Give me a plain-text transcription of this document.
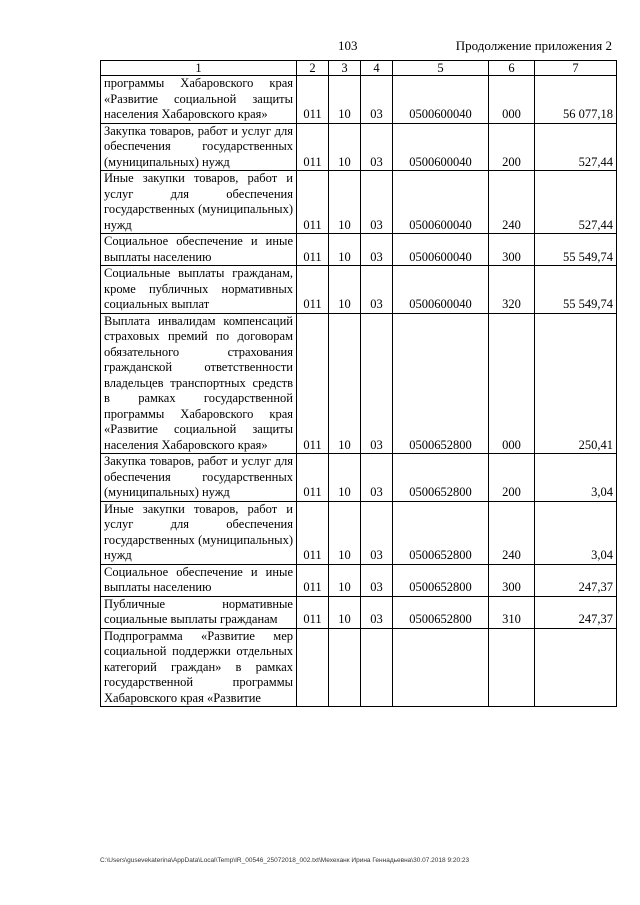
103	Продолжение приложения 2
1	2	3	4	5	6	7
программы Хабаровского края «Развитие социальной защиты населения Хабаровского края»	011	10	03	0500600040	000	56 077,18
Закупка товаров, работ и услуг для обеспечения государственных (муниципальных) нужд	011	10	03	0500600040	200	527,44
Иные закупки товаров, работ и услуг для обеспечения государственных (муниципальных) нужд	011	10	03	0500600040	240	527,44
Социальное обеспечение и иные выплаты населению	011	10	03	0500600040	300	55 549,74
Социальные выплаты гражданам, кроме публичных нормативных социальных выплат	011	10	03	0500600040	320	55 549,74
Выплата инвалидам компенсаций страховых премий по договорам обязательного страхования гражданской ответственности владельцев транспортных средств в рамках государственной программы Хабаровского края «Развитие социальной защиты населения Хабаровского края»	011	10	03	0500652800	000	250,41
Закупка товаров, работ и услуг для обеспечения государственных (муниципальных) нужд	011	10	03	0500652800	200	3,04
Иные закупки товаров, работ и услуг для обеспечения государственных (муниципальных) нужд	011	10	03	0500652800	240	3,04
Социальное обеспечение и иные выплаты населению	011	10	03	0500652800	300	247,37
Публичные нормативные социальные выплаты гражданам	011	10	03	0500652800	310	247,37
Подпрограмма «Развитие мер социальной поддержки отдельных категорий граждан» в рамках государственной программы Хабаровского края «Развитие						
C:\Users\gusevekaterina\AppData\Local\Temp\IR_00546_25072018_002.txt\Мехеханк Ирина Геннадьевна\30.07.2018 9:20:23
